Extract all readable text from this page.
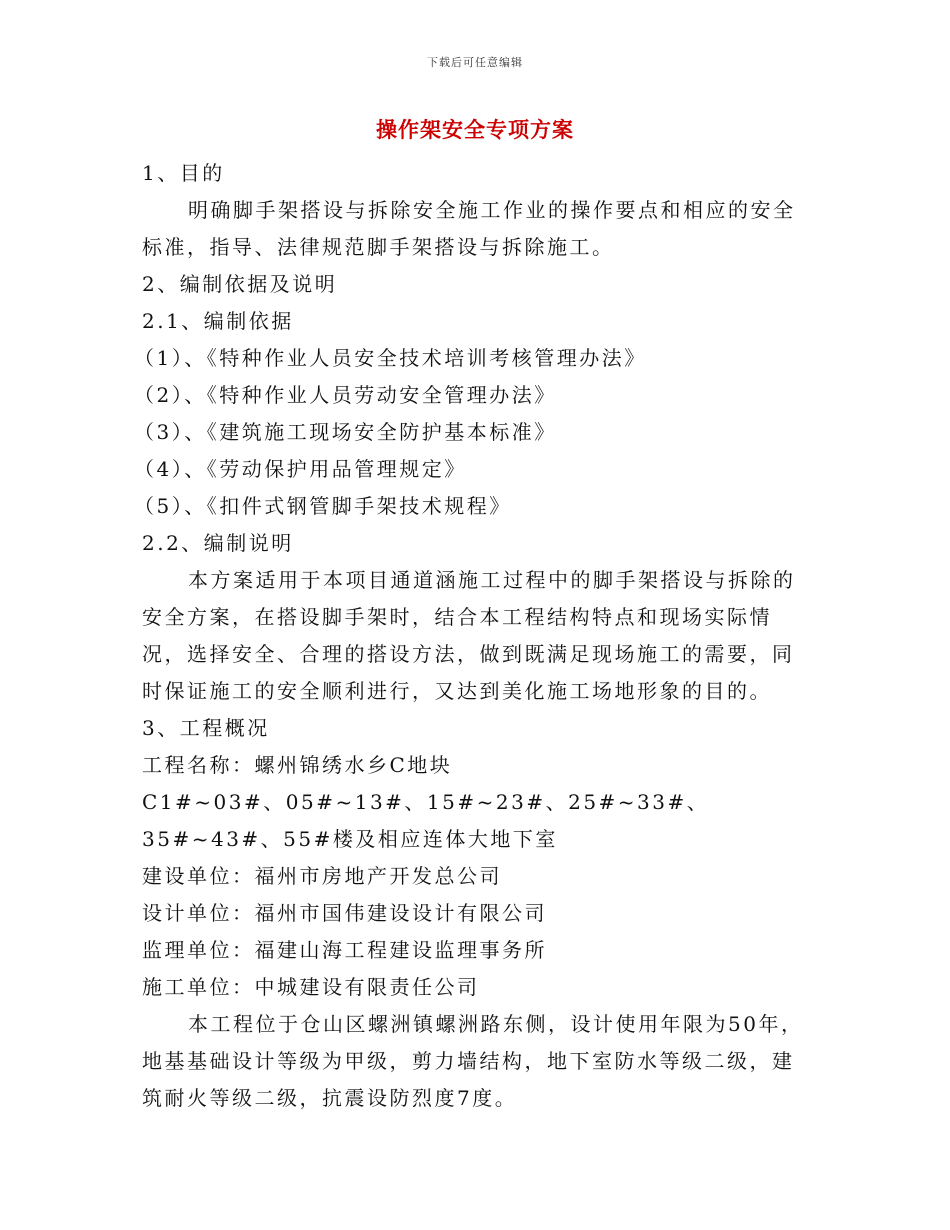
下载后可任意编辑
操作架安全专项方案

1、目的

明确脚手架搭设与拆除安全施工作业的操作要点和相应的安全标准，指导、法律规范脚手架搭设与拆除施工。

2、编制依据及说明

2.1、编制依据

（1）、《特种作业人员安全技术培训考核管理办法》

（2）、《特种作业人员劳动安全管理办法》

（3）、《建筑施工现场安全防护基本标准》

（4）、《劳动保护用品管理规定》

（5）、《扣件式钢管脚手架技术规程》

2.2、编制说明

本方案适用于本项目通道涵施工过程中的脚手架搭设与拆除的安全方案，在搭设脚手架时，结合本工程结构特点和现场实际情况，选择安全、合理的搭设方法，做到既满足现场施工的需要，同时保证施工的安全顺利进行，又达到美化施工场地形象的目的。

3、工程概况

工程名称：螺州锦绣水乡C地块

C1#~03#、05#~13#、15#~23#、25#~33#、35#~43#、55#楼及相应连体大地下室

建设单位：福州市房地产开发总公司

设计单位：福州市国伟建设设计有限公司

监理单位：福建山海工程建设监理事务所

施工单位：中城建设有限责任公司

本工程位于仓山区螺洲镇螺洲路东侧，设计使用年限为50年，地基基础设计等级为甲级，剪力墙结构，地下室防水等级二级，建筑耐火等级二级，抗震设防烈度7度。
